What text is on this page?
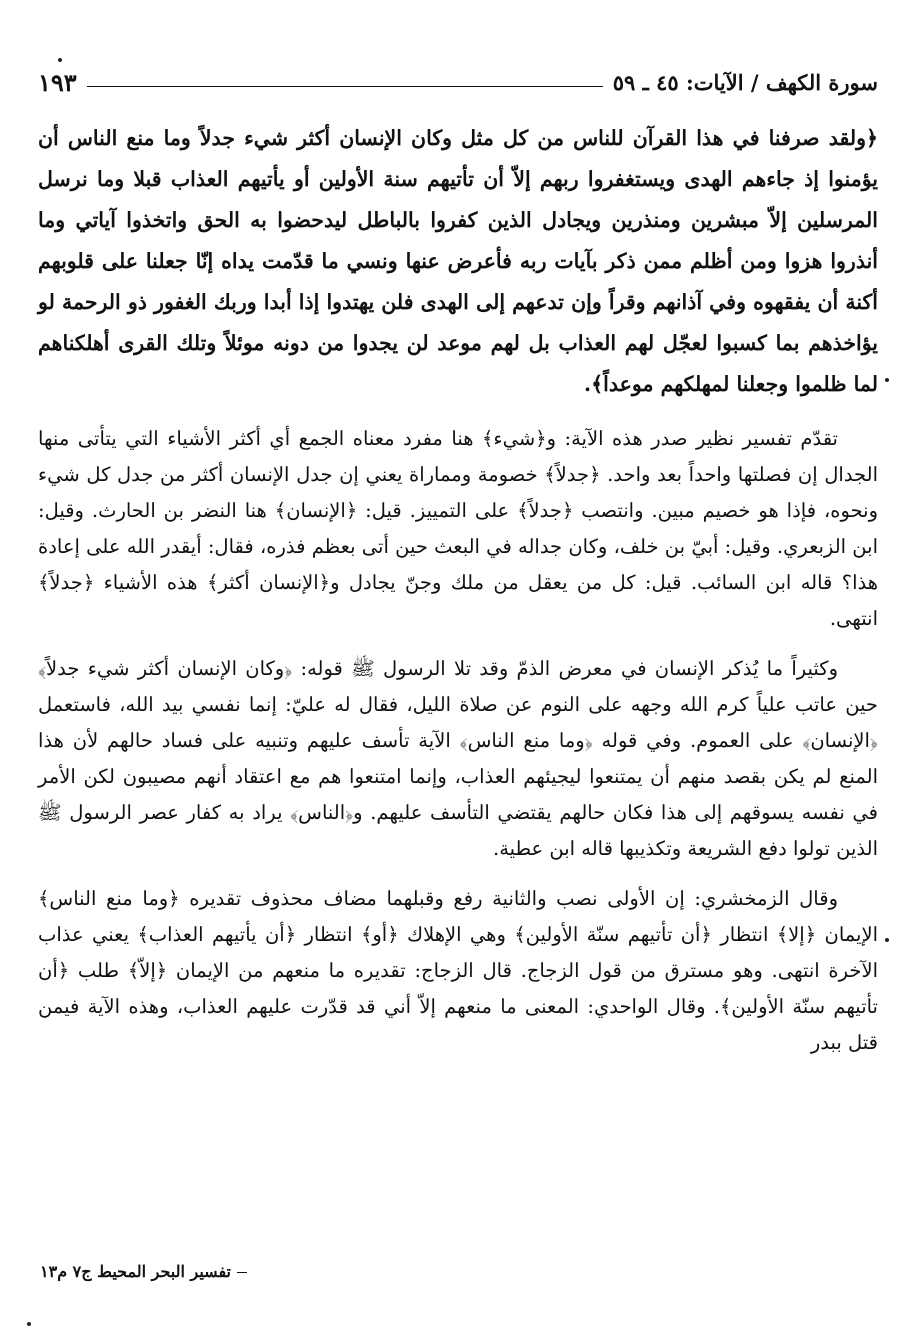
سورة الكهف / الآيات: ٤٥ ـ ٥٩
١٩٣
﴿ولقد صرفنا في هذا القرآن للناس من كل مثل وكان الإنسان أكثر شيء جدلاً وما منع الناس أن يؤمنوا إذ جاءهم الهدى ويستغفروا ربهم إلاّ أن تأتيهم سنة الأولين أو يأتيهم العذاب قبلا وما نرسل المرسلين إلاّ مبشرين ومنذرين ويجادل الذين كفروا بالباطل ليدحضوا به الحق واتخذوا آياتي وما أنذروا هزوا ومن أظلم ممن ذكر بآيات ربه فأعرض عنها ونسي ما قدّمت يداه إنّا جعلنا على قلوبهم أكنة أن يفقهوه وفي آذانهم وقراً وإن تدعهم إلى الهدى فلن يهتدوا إذا أبدا وربك الغفور ذو الرحمة لو يؤاخذهم بما كسبوا لعجّل لهم العذاب بل لهم موعد لن يجدوا من دونه موئلاً وتلك القرى أهلكناهم لما ظلموا وجعلنا لمهلكهم موعداً﴾.
تقدّم تفسير نظير صدر هذه الآية: و﴿شيء﴾ هنا مفرد معناه الجمع أي أكثر الأشياء التي يتأتى منها الجدال إن فصلتها واحداً بعد واحد. ﴿جدلاً﴾ خصومة ومماراة يعني إن جدل الإنسان أكثر من جدل كل شيء ونحوه، فإذا هو خصيم مبين. وانتصب ﴿جدلاً﴾ على التمييز. قيل: ﴿الإنسان﴾ هنا النضر بن الحارث. وقيل: ابن الزبعري. وقيل: أبيّ بن خلف، وكان جداله في البعث حين أتى بعظم فذره، فقال: أيقدر الله على إعادة هذا؟ قاله ابن السائب. قيل: كل من يعقل من ملك وجنّ يجادل و﴿الإنسان أكثر﴾ هذه الأشياء ﴿جدلاً﴾ انتهى.
وكثيراً ما يُذكر الإنسان في معرض الذمّ وقد تلا الرسول ﷺ قوله: ﴿وكان الإنسان أكثر شيء جدلاً﴾ حين عاتب علياً كرم الله وجهه على النوم عن صلاة الليل، فقال له عليّ: إنما نفسي بيد الله، فاستعمل ﴿الإنسان﴾ على العموم. وفي قوله ﴿وما منع الناس﴾ الآية تأسف عليهم وتنبيه على فساد حالهم لأن هذا المنع لم يكن بقصد منهم أن يمتنعوا ليجيئهم العذاب، وإنما امتنعوا هم مع اعتقاد أنهم مصيبون لكن الأمر في نفسه يسوقهم إلى هذا فكان حالهم يقتضي التأسف عليهم. و﴿الناس﴾ يراد به كفار عصر الرسول ﷺ الذين تولوا دفع الشريعة وتكذيبها قاله ابن عطية.
وقال الزمخشري: إن الأولى نصب والثانية رفع وقبلهما مضاف محذوف تقديره ﴿وما منع الناس﴾ الإيمان ﴿إلا﴾ انتظار ﴿أن تأتيهم سنّة الأولين﴾ وهي الإهلاك ﴿أو﴾ انتظار ﴿أن يأتيهم العذاب﴾ يعني عذاب الآخرة انتهى. وهو مسترق من قول الزجاج. قال الزجاج: تقديره ما منعهم من الإيمان ﴿إلاّ﴾ طلب ﴿أن تأتيهم سنّة الأولين﴾. وقال الواحدي: المعنى ما منعهم إلاّ أني قد قدّرت عليهم العذاب، وهذه الآية فيمن قتل ببدر
تفسير البحر المحيط ج٧ م١٣
